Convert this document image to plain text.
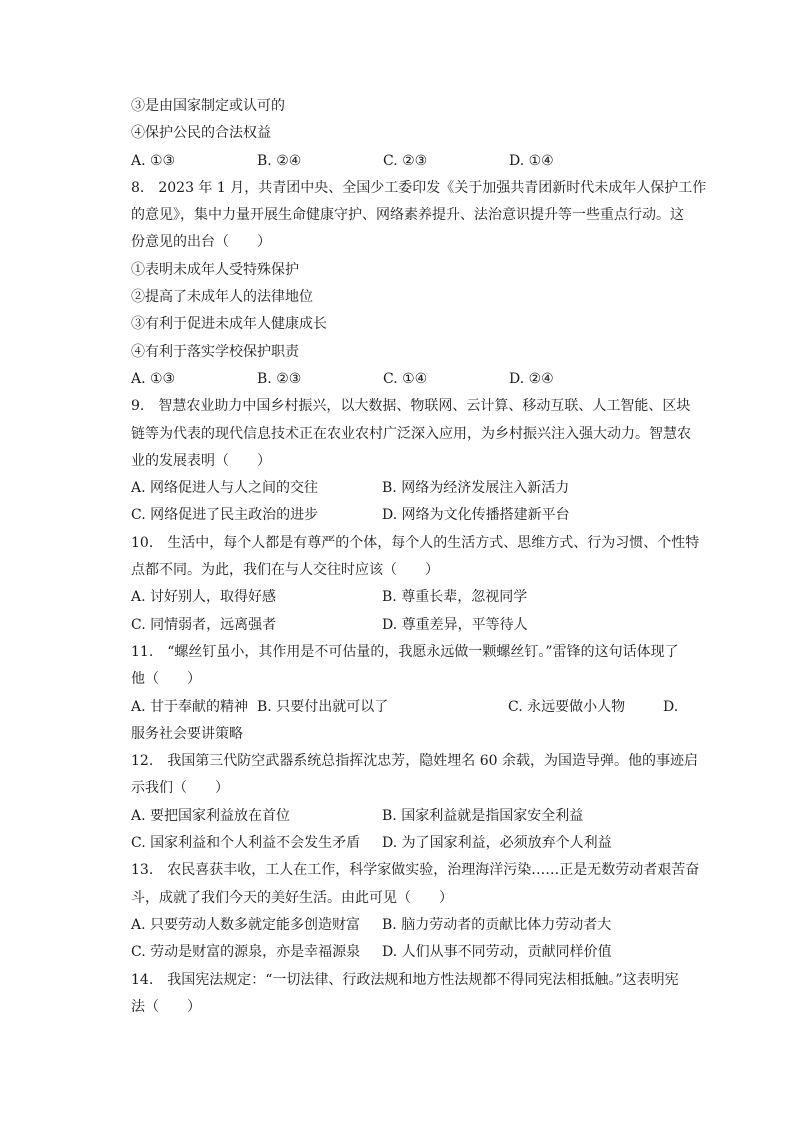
③是由国家制定或认可的
④保护公民的合法权益
A. ①③	B. ②④	C. ②③	D. ①④
8.　2023 年 1 月，共青团中央、全国少工委印发《关于加强共青团新时代未成年人保护工作
的意见》，集中力量开展生命健康守护、网络素养提升、法治意识提升等一些重点行动。这
份意见的出台（　　）
①表明未成年人受特殊保护
②提高了未成年人的法律地位
③有利于促进未成年人健康成长
④有利于落实学校保护职责
A. ①③	B. ②③	C. ①④	D. ②④
9.　智慧农业助力中国乡村振兴，以大数据、物联网、云计算、移动互联、人工智能、区块
链等为代表的现代信息技术正在农业农村广泛深入应用，为乡村振兴注入强大动力。智慧农
业的发展表明（　　）
A. 网络促进人与人之间的交往	B. 网络为经济发展注入新活力
C. 网络促进了民主政治的进步	D. 网络为文化传播搭建新平台
10.　生活中，每个人都是有尊严的个体，每个人的生活方式、思维方式、行为习惯、个性特
点都不同。为此，我们在与人交往时应该（　　）
A. 讨好别人，取得好感	B. 尊重长辈，忽视同学
C. 同情弱者，远离强者	D. 尊重差异，平等待人
11.　“螺丝钉虽小，其作用是不可估量的，我愿永远做一颗螺丝钉。”雷锋的这句话体现了
他（　　）
A. 甘于奉献的精神 B. 只要付出就可以了	C. 永远要做小人物	D.
服务社会要讲策略
12.　我国第三代防空武器系统总指挥沈忠芳，隐姓埋名 60 余载，为国造导弹。他的事迹启
示我们（　　）
A. 要把国家利益放在首位	B. 国家利益就是指国家安全利益
C. 国家利益和个人利益不会发生矛盾	D. 为了国家利益，必须放弃个人利益
13.　农民喜获丰收，工人在工作，科学家做实验，治理海洋污染……正是无数劳动者艰苦奋
斗，成就了我们今天的美好生活。由此可见（　　）
A. 只要劳动人数多就定能多创造财富	B. 脑力劳动者的贡献比体力劳动者大
C. 劳动是财富的源泉，亦是幸福源泉	D. 人们从事不同劳动，贡献同样价值
14.　我国宪法规定：“一切法律、行政法规和地方性法规都不得同宪法相抵触。”这表明宪
法（　　）
